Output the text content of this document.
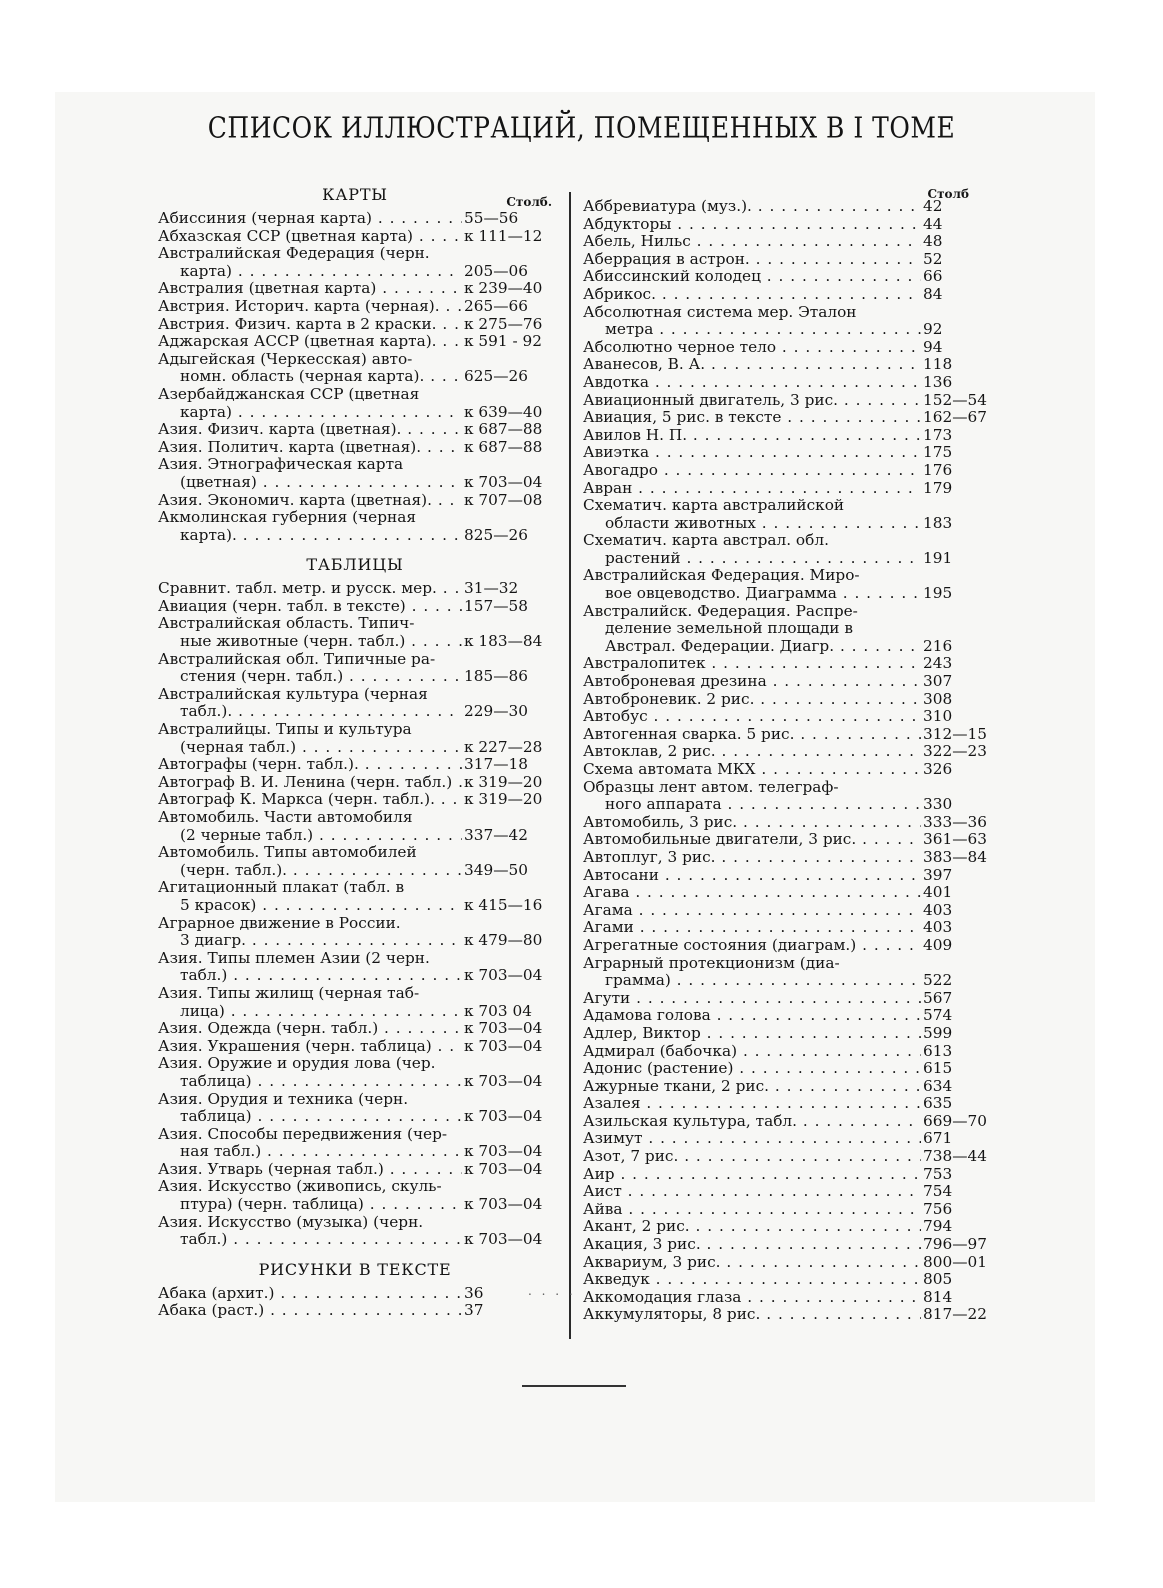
СПИСОК ИЛЛЮСТРАЦИЙ, ПОМЕЩЕННЫХ В I ТОМЕ
КАРТЫ	Столб.
Абиссиния (черная карта) . . .	55—56
Абхазская ССР (цветная карта) . . .	к 111—12
Австралийская Федерация (черн.
карта) . . .	205—06
Австралия (цветная карта) . . .	к 239—40
Австрия. Историч. карта (черная). . . .	265—66
Австрия. Физич. карта в 2 краски. . . .	к 275—76
Аджарская АССР (цветная карта). . . .	к 591 - 92
Адыгейская (Черкесская) авто-
номн. область (черная карта). . . .	625—26
Азербайджанская ССР (цветная
карта) . . .	к 639—40
Азия. Физич. карта (цветная). . . .	к 687—88
Азия. Политич. карта (цветная). . . .	к 687—88
Азия. Этнографическая карта
(цветная) . . .	к 703—04
Азия. Экономич. карта (цветная). . . .	к 707—08
Акмолинская губерния (черная
карта). . . .	825—26
ТАБЛИЦЫ
Сравнит. табл. метр. и русск. мер. . . .	31—32
Авиация (черн. табл. в тексте) . . .	157—58
Австралийская область. Типич-
ные животные (черн. табл.) . . .	к 183—84
Австралийская обл. Типичные ра-
стения (черн. табл.) . . .	185—86
Австралийская культура (черная
табл.). . . .	229—30
Австралийцы. Типы и культура
(черная табл.) . . .	к 227—28
Автографы (черн. табл.). . . .	317—18
Автограф В. И. Ленина (черн. табл.) . . . к 319—20
Автограф К. Маркса (черн. табл.). . . .	к 319—20
Автомобиль. Части автомобиля
(2 черные табл.) . . .	337—42
Автомобиль. Типы автомобилей
(черн. табл.). . . .	349—50
Агитационный плакат (табл. в
5 красок) . . .	к 415—16
Аграрное движение в России.
3 диагр. . . .	к 479—80
Азия. Типы племен Азии (2 черн.
табл.) . . .	к 703—04
Азия. Типы жилищ (черная таб-
лица) . . .	к 703 04
Азия. Одежда (черн. табл.) . . .	к 703—04
Азия. Украшения (черн. таблица) . . .	к 703—04
Азия. Оружие и орудия лова (чер.
таблица) . . .	к 703—04
Азия. Орудия и техника (черн.
таблица) . . .	к 703—04
Азия. Способы передвижения (чер-
ная табл.) . . .	к 703—04
Азия. Утварь (черная табл.) . . .	к 703—04
Азия. Искусство (живопись, скуль-
птура) (черн. таблица) . . .	к 703—04
Азия. Искусство (музыка) (черн.
табл.) . . .	к 703—04
РИСУНКИ В ТЕКСТЕ
Абака (архит.) . . .	36
Абака (раст.) . . .	37
. . . .
Столб
Аббревиатура (муз.). . . .	42
Абдукторы . . .	44
Абель, Нильс . . .	48
Аберрация в астрон. . . .	52
Абиссинский колодец . . .	66
Абрикос. . . .	84
Абсолютная система мер. Эталон
метра . . .	92
Абсолютно черное тело . . .	94
Аванесов, В. А. . . .	118
Авдотка . . .	136
Авиационный двигатель, 3 рис. . . .	152—54
Авиация, 5 рис. в тексте . . .	162—67
Авилов Н. П. . . .	173
Авиэтка . . .	175
Авогадро . . .	176
Авран . . .	179
Схематич. карта австралийской
области животных . . .	183
Схематич. карта австрал. обл.
растений . . .	191
Австралийская Федерация. Миро-
вое овцеводство. Диаграмма . . .	195
Австралийск. Федерация. Распре-
деление земельной площади в
Австрал. Федерации. Диагр. . . .	216
Австралопитек . . .	243
Автоброневая дрезина . . .	307
Автоброневик. 2 рис. . . .	308
Автобус . . .	310
Автогенная сварка. 5 рис. . . .	312—15
Автоклав, 2 рис. . . .	322—23
Схема автомата МКХ . . .	326
Образцы лент автом. телеграф-
ного аппарата . . .	330
Автомобиль, 3 рис. . . .	333—36
Автомобильные двигатели, 3 рис. . . .	361—63
Автоплуг, 3 рис. . . .	383—84
Автосани . . .	397
Агава . . .	401
Агама . . .	403
Агами . . .	403
Агрегатные состояния (диаграм.) . . .	409
Аграрный протекционизм (диа-
грамма) . . .	522
Агути . . .	567
Адамова голова . . .	574
Адлер, Виктор . . .	599
Адмирал (бабочка) . . .	613
Адонис (растение) . . .	615
Ажурные ткани, 2 рис. . . .	634
Азалея . . .	635
Азильская культура, табл. . . .	669—70
Азимут . . .	671
Азот, 7 рис. . . .	738—44
Аир . . .	753
Аист . . .	754
Айва . . .	756
Акант, 2 рис. . . .	794
Акация, 3 рис. . . .	796—97
Аквариум, 3 рис. . . .	800—01
Акведук . . .	805
Аккомодация глаза . . .	814
Аккумуляторы, 8 рис. . . .	817—22
